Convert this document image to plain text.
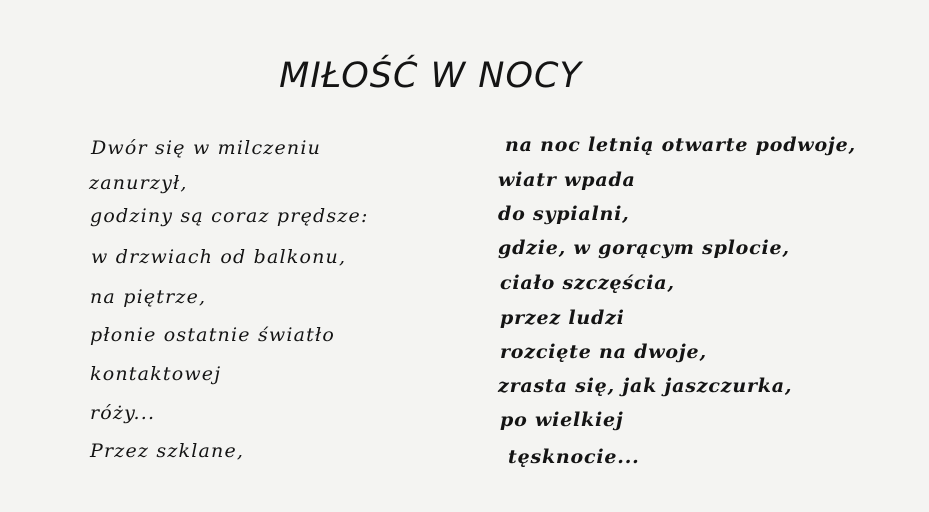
MIŁOŚĆ W NOCY
Dwór się w milczeniu
zanurzył,
godziny są coraz prędsze:
w drzwiach od balkonu,
na piętrze,
płonie ostatnie światło
kontaktowej
róży...
Przez szklane,
na noc letnią otwarte podwoje,
wiatr wpada
do sypialni,
gdzie, w gorącym splocie,
ciało szczęścia,
przez ludzi
rozcięte na dwoje,
zrasta się, jak jaszczurka,
po wielkiej
tęsknocie...
